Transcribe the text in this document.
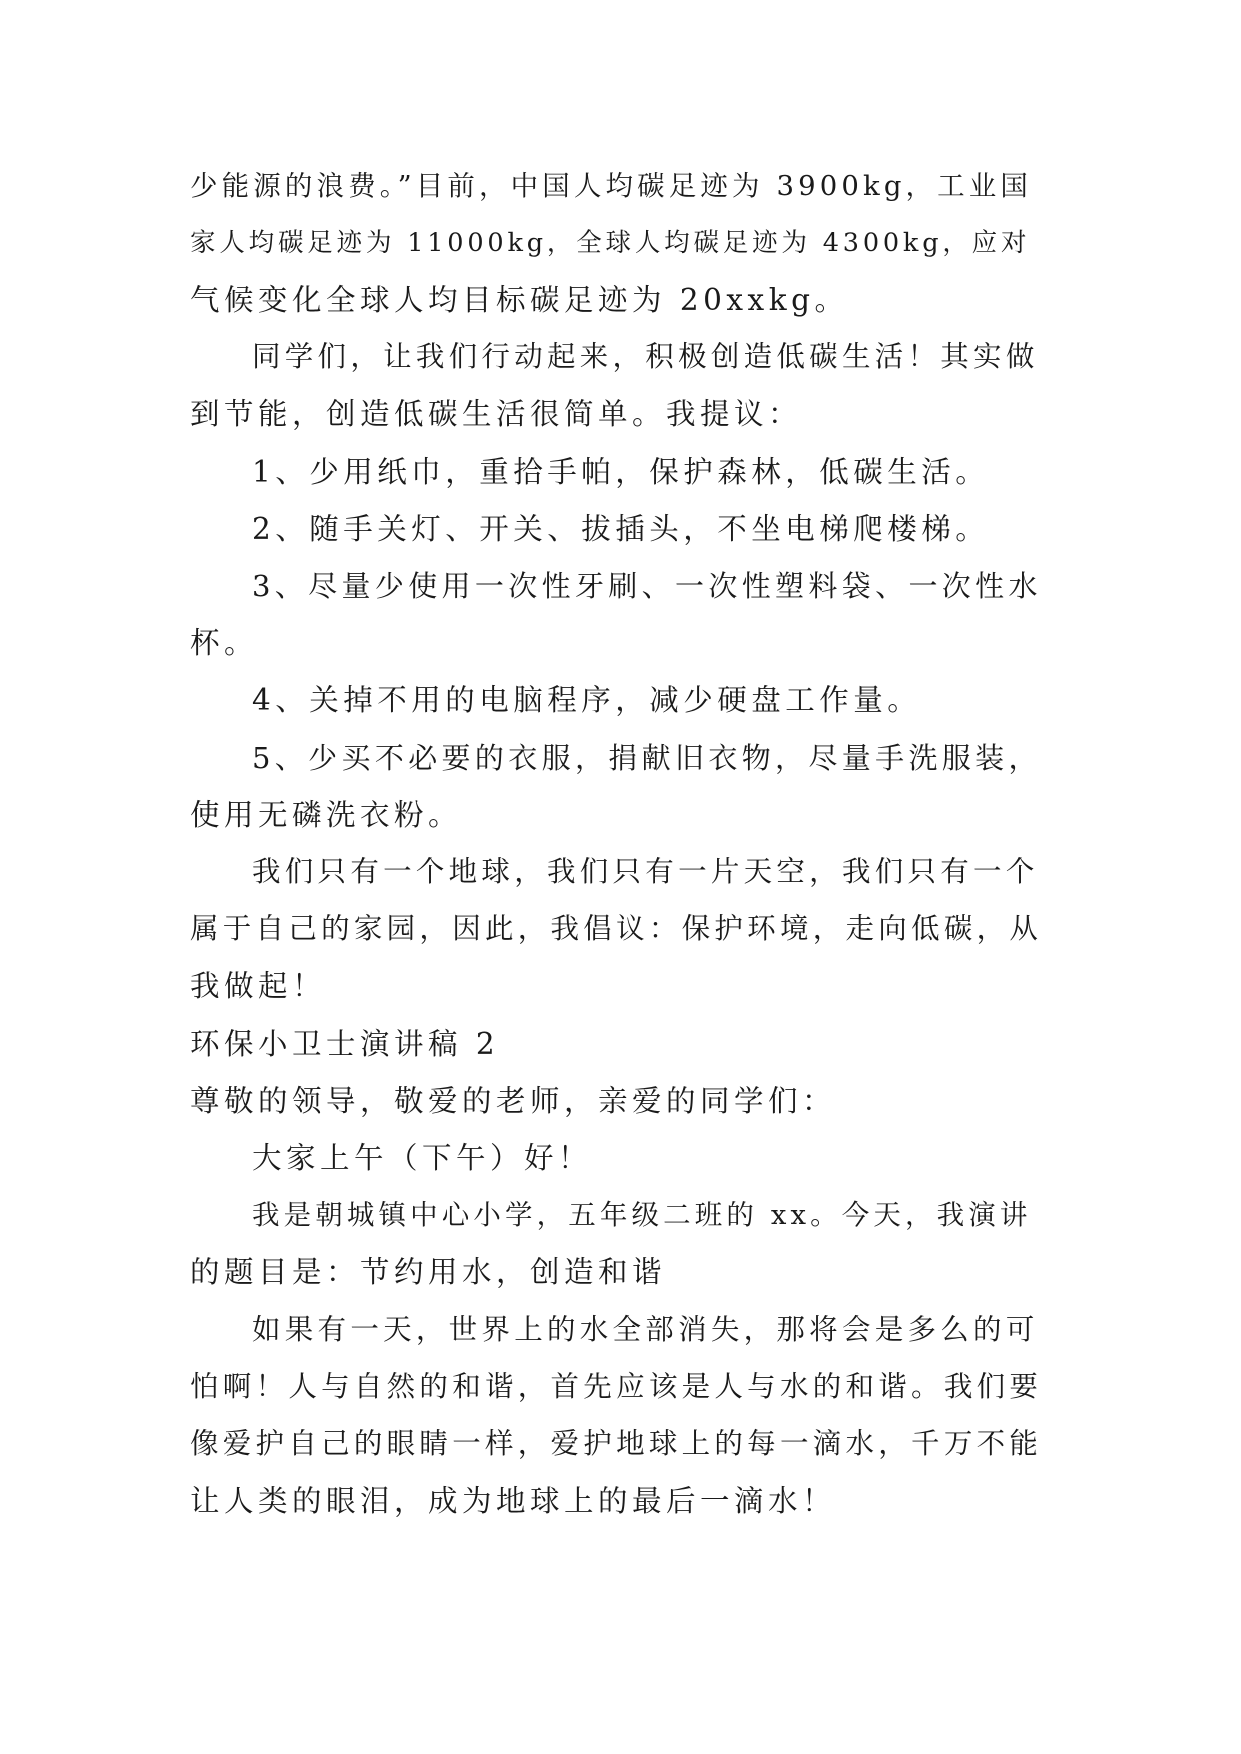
少能源的浪费。”目前，中国人均碳足迹为 3900kg，工业国

家人均碳足迹为 11000kg，全球人均碳足迹为 4300kg，应对

气候变化全球人均目标碳足迹为 20xxkg。

同学们，让我们行动起来，积极创造低碳生活！其实做

到节能，创造低碳生活很简单。我提议：

1、少用纸巾，重拾手帕，保护森林，低碳生活。

2、随手关灯、开关、拔插头，不坐电梯爬楼梯。

3、尽量少使用一次性牙刷、一次性塑料袋、一次性水

杯。

4、关掉不用的电脑程序，减少硬盘工作量。

5、少买不必要的衣服，捐献旧衣物，尽量手洗服装，

使用无磷洗衣粉。

我们只有一个地球，我们只有一片天空，我们只有一个

属于自己的家园，因此，我倡议：保护环境，走向低碳，从

我做起！

环保小卫士演讲稿 2

尊敬的领导，敬爱的老师，亲爱的同学们：

大家上午（下午）好！

我是朝城镇中心小学，五年级二班的 xx。今天，我演讲

的题目是：节约用水，创造和谐

如果有一天，世界上的水全部消失，那将会是多么的可

怕啊！人与自然的和谐，首先应该是人与水的和谐。我们要

像爱护自己的眼睛一样，爱护地球上的每一滴水，千万不能

让人类的眼泪，成为地球上的最后一滴水！
